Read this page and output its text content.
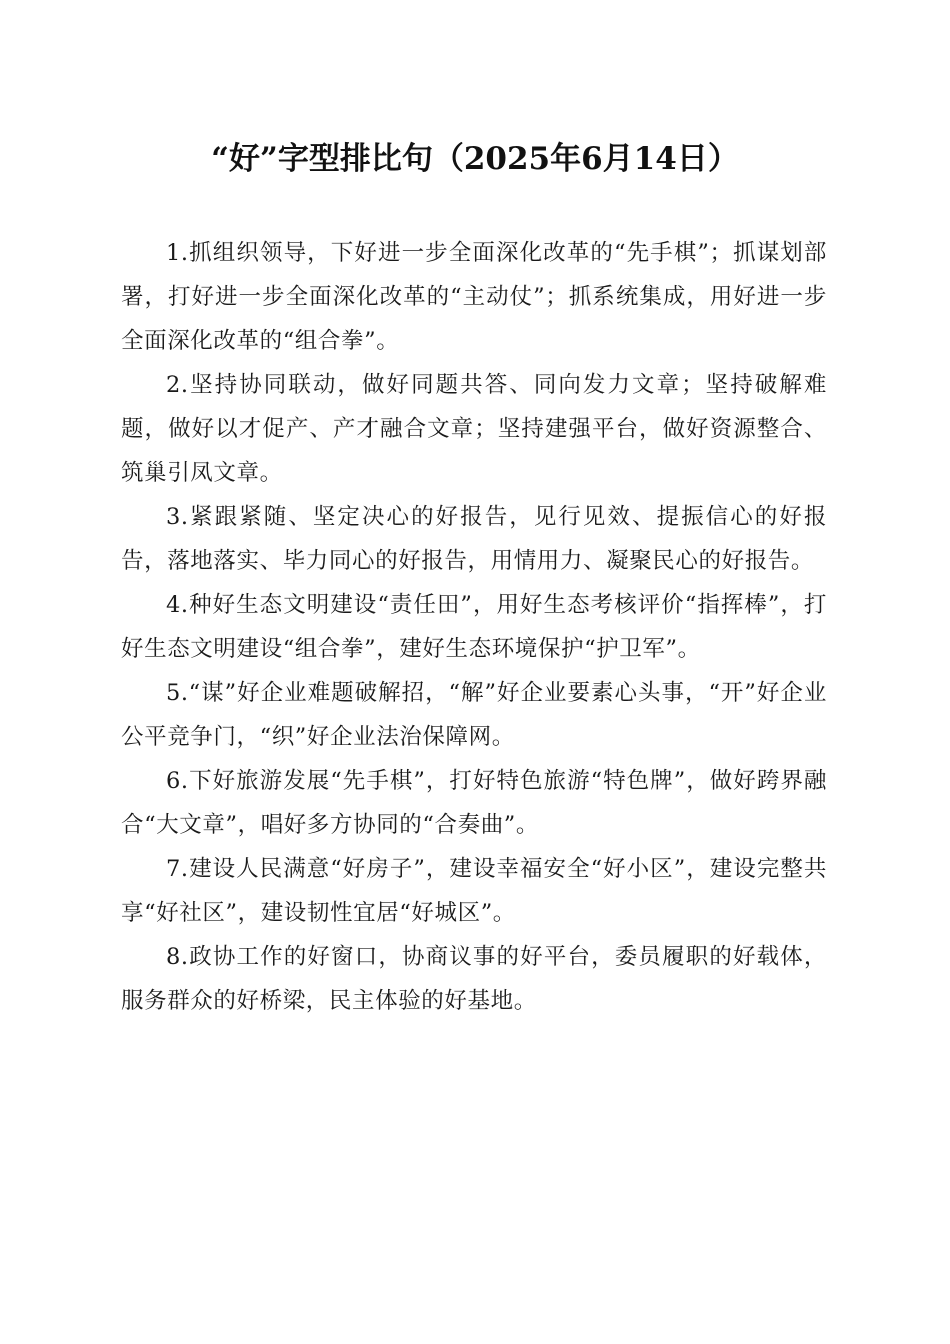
“好”字型排比句（2025年6月14日）

1.抓组织领导，下好进一步全面深化改革的“先手棋”；抓谋划部署，打好进一步全面深化改革的“主动仗”；抓系统集成，用好进一步全面深化改革的“组合拳”。

2.坚持协同联动，做好同题共答、同向发力文章；坚持破解难题，做好以才促产、产才融合文章；坚持建强平台，做好资源整合、筑巢引凤文章。

3.紧跟紧随、坚定决心的好报告，见行见效、提振信心的好报告，落地落实、毕力同心的好报告，用情用力、凝聚民心的好报告。

4.种好生态文明建设“责任田”，用好生态考核评价“指挥棒”，打好生态文明建设“组合拳”，建好生态环境保护“护卫军”。

5.“谋”好企业难题破解招，“解”好企业要素心头事，“开”好企业公平竞争门，“织”好企业法治保障网。

6.下好旅游发展“先手棋”，打好特色旅游“特色牌”，做好跨界融合“大文章”，唱好多方协同的“合奏曲”。

7.建设人民满意“好房子”，建设幸福安全“好小区”，建设完整共享“好社区”，建设韧性宜居“好城区”。

8.政协工作的好窗口，协商议事的好平台，委员履职的好载体，服务群众的好桥梁，民主体验的好基地。
